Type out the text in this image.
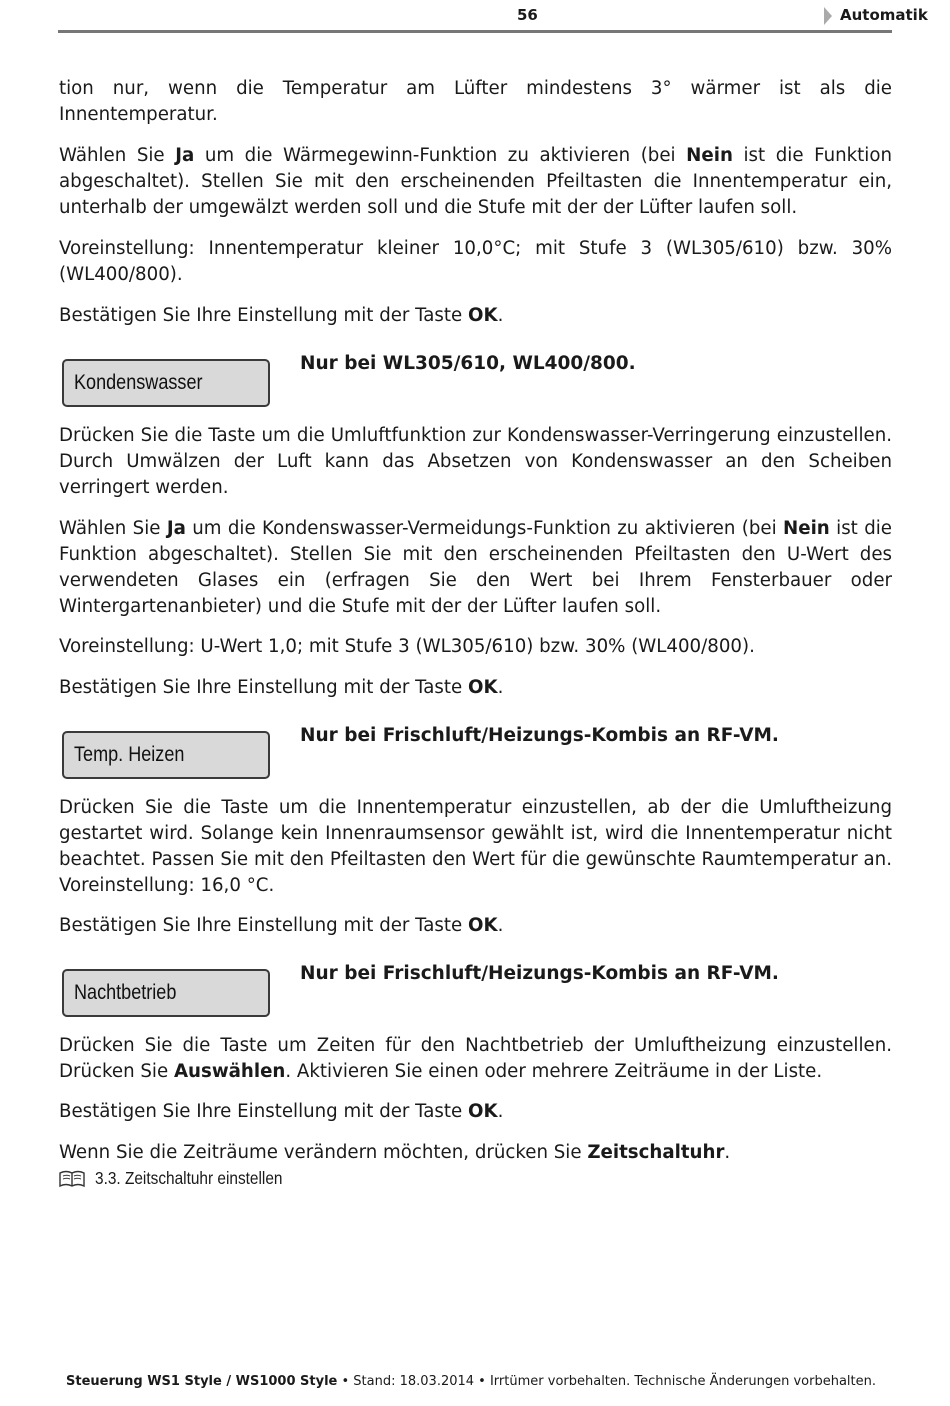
56	Automatik

tion nur, wenn die Temperatur am Lüfter mindestens 3° wärmer ist als die Innentemperatur.

Wählen Sie Ja um die Wärmegewinn-Funktion zu aktivieren (bei Nein ist die Funktion abgeschaltet). Stellen Sie mit den erscheinenden Pfeiltasten die Innentemperatur ein, unterhalb der umgewälzt werden soll und die Stufe mit der der Lüfter laufen soll.

Voreinstellung: Innentemperatur kleiner 10,0°C; mit Stufe 3 (WL305/610) bzw. 30% (WL400/800).

Bestätigen Sie Ihre Einstellung mit der Taste OK.

Kondenswasser
Nur bei WL305/610, WL400/800.

Drücken Sie die Taste um die Umluftfunktion zur Kondenswasser-Verringerung einzustellen. Durch Umwälzen der Luft kann das Absetzen von Kondenswasser an den Scheiben verringert werden.

Wählen Sie Ja um die Kondenswasser-Vermeidungs-Funktion zu aktivieren (bei Nein ist die Funktion abgeschaltet). Stellen Sie mit den erscheinenden Pfeiltasten den U-Wert des verwendeten Glases ein (erfragen Sie den Wert bei Ihrem Fensterbauer oder Wintergartenanbieter) und die Stufe mit der der Lüfter laufen soll.

Voreinstellung: U-Wert 1,0; mit Stufe 3 (WL305/610) bzw. 30% (WL400/800).

Bestätigen Sie Ihre Einstellung mit der Taste OK.

Temp. Heizen
Nur bei Frischluft/Heizungs-Kombis an RF-VM.

Drücken Sie die Taste um die Innentemperatur einzustellen, ab der die Umluftheizung gestartet wird. Solange kein Innenraumsensor gewählt ist, wird die Innentemperatur nicht beachtet. Passen Sie mit den Pfeiltasten den Wert für die gewünschte Raumtemperatur an. Voreinstellung: 16,0 °C.

Bestätigen Sie Ihre Einstellung mit der Taste OK.

Nachtbetrieb
Nur bei Frischluft/Heizungs-Kombis an RF-VM.

Drücken Sie die Taste um Zeiten für den Nachtbetrieb der Umluftheizung einzustellen. Drücken Sie Auswählen. Aktivieren Sie einen oder mehrere Zeiträume in der Liste.

Bestätigen Sie Ihre Einstellung mit der Taste OK.

Wenn Sie die Zeiträume verändern möchten, drücken Sie Zeitschaltuhr.

3.3. Zeitschaltuhr einstellen
Steuerung WS1 Style / WS1000 Style • Stand: 18.03.2014 • Irrtümer vorbehalten. Technische Änderungen vorbehalten.
